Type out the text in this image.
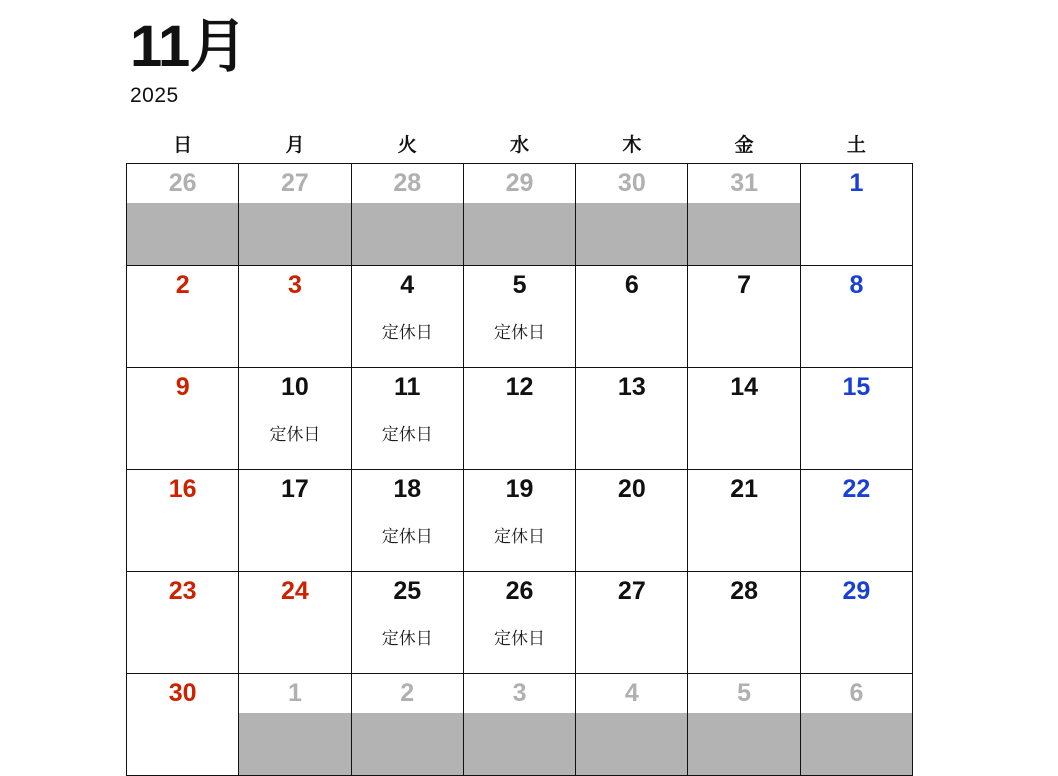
11月
2025
日	月	火	水	木	金	土
26	27	28	29	30	31	1

2	3	4	5	6	7	8
		定休日	定休日			
9	10	11	12	13	14	15
	定休日	定休日				
16	17	18	19	20	21	22
		定休日	定休日			
23	24	25	26	27	28	29
		定休日	定休日			
30	1	2	3	4	5	6
